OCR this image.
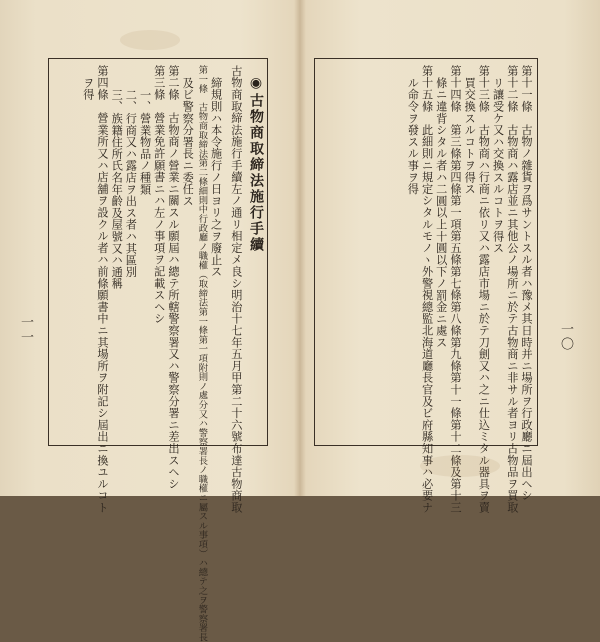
◉古物商取締法施行手續
古物商取締法施行手續左ノ通リ相定メ良シ明治十七年五月甲第二十六號布達古物商取
締規則ハ本令施行ノ日ヨリ之ヲ廢止ス
第一條　古物商取締法第二條細則中行政廳ノ職權（取締法第一條第一項附則ノ處分又ハ警察署長ノ職權ニ屬スル事項）ハ總テ之ヲ警察署長
及ビ警察分署長ニ委任ス
第二條　古物商ノ營業ニ關スル願屆ハ總テ所轄警察署又ハ警察分署ニ差出スヘシ
第三條　營業免許願書ニハ左ノ事項ヲ記載スヘシ
一、營業物品ノ種類
二、行商又ハ露店ヲ出ス者ハ其區別
三、族籍住所氏名年齡及屋號又ハ通稱
第四條　營業所又ハ店舖ヲ設クル者ハ前條願書中ニ其場所ヲ附記シ屆出ニ換ユルコト
ヲ得
一一	第十一條　古物ノ雜貨ヲ爲サントスル者ハ豫メ其日時并ニ場所ヲ行政廳ニ屆出ヘシ
第十二條　古物商ハ露店並ニ其他公ノ場所ニ於テ古物商ニ非サル者ヨリ古物品ヲ買取
リ讓受ケ又ハ交換スルコトヲ得ス
第十三條　古物商ハ行商ニ依リ又ハ露店市場ニ於テ刀劍又ハ之ニ仕込ミタル器具ヲ賣
買交換スルコトヲ得ス
第十四條　第三條第四條第一項第五條第七條第八條第九條第十一條第十二條及第十三
條ニ違背シタル者ハ二圓以上十圓以下ノ罰金ニ處ス
第十五條　此細則ニ規定シタルモノヽ外警視總監北海道廳長官及ビ府縣知事ハ必要ナ
ル命令ヲ發スル事ヲ得
一〇
